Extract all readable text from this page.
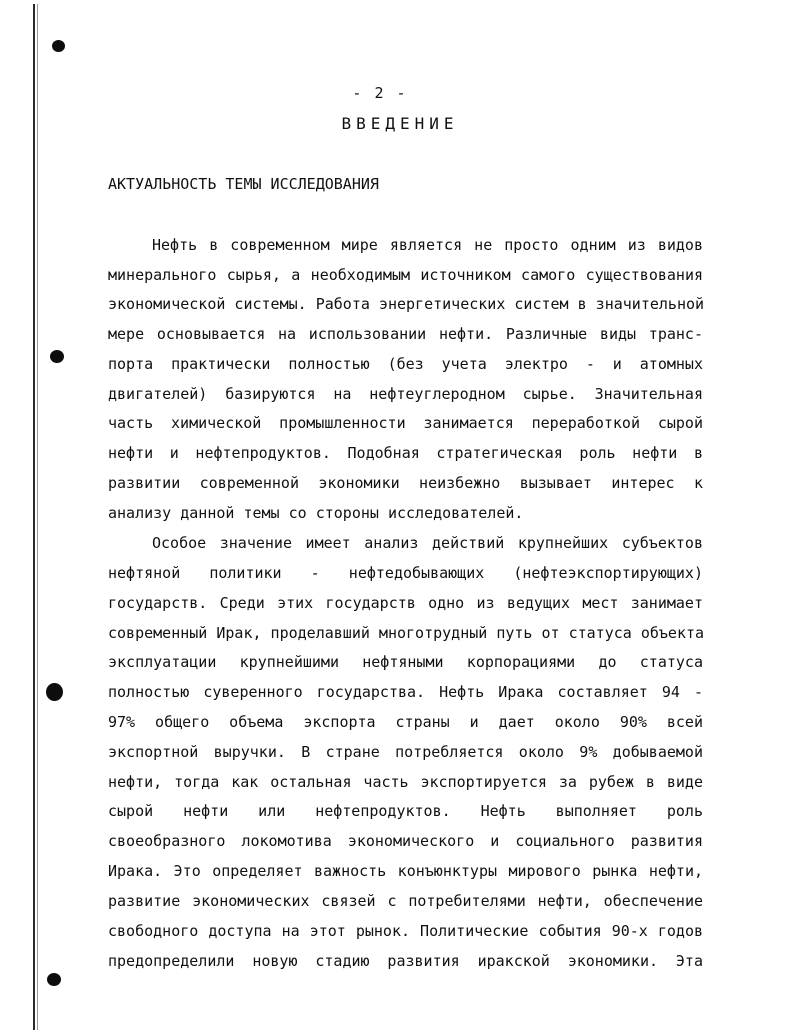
- 2 -
ВВЕДЕНИЕ
АКТУАЛЬНОСТЬ ТЕМЫ ИССЛЕДОВАНИЯ
Нефть в современном мире является не просто одним из видов
минерального сырья, а необходимым источником самого существования
экономической системы. Работа энергетических систем в значительной
мере основывается на использовании нефти. Различные виды транс-
порта практически полностью (без учета электро - и атомных
двигателей) базируются на нефтеуглеродном сырье. Значительная
часть химической промышленности занимается переработкой сырой
нефти и нефтепродуктов. Подобная стратегическая роль нефти в
развитии современной экономики неизбежно вызывает интерес к
анализу данной темы со стороны исследователей.
Особое значение имеет анализ действий крупнейших субъектов
нефтяной политики - нефтедобывающих (нефтеэкспортирующих)
государств. Среди этих государств одно из ведущих мест занимает
современный Ирак, проделавший многотрудный путь от статуса объекта
эксплуатации крупнейшими нефтяными корпорациями до статуса
полностью суверенного государства. Нефть Ирака составляет 94 -
97% общего объема экспорта страны и дает около 90% всей
экспортной выручки. В стране потребляется около 9% добываемой
нефти, тогда как остальная часть экспортируется за рубеж в виде
сырой нефти или нефтепродуктов. Нефть выполняет роль
своеобразного локомотива экономического и социального развития
Ирака. Это определяет важность конъюнктуры мирового рынка нефти,
развитие экономических связей с потребителями нефти, обеспечение
свободного доступа на этот рынок. Политические события 90-х годов
предопределили новую стадию развития иракской экономики. Эта
